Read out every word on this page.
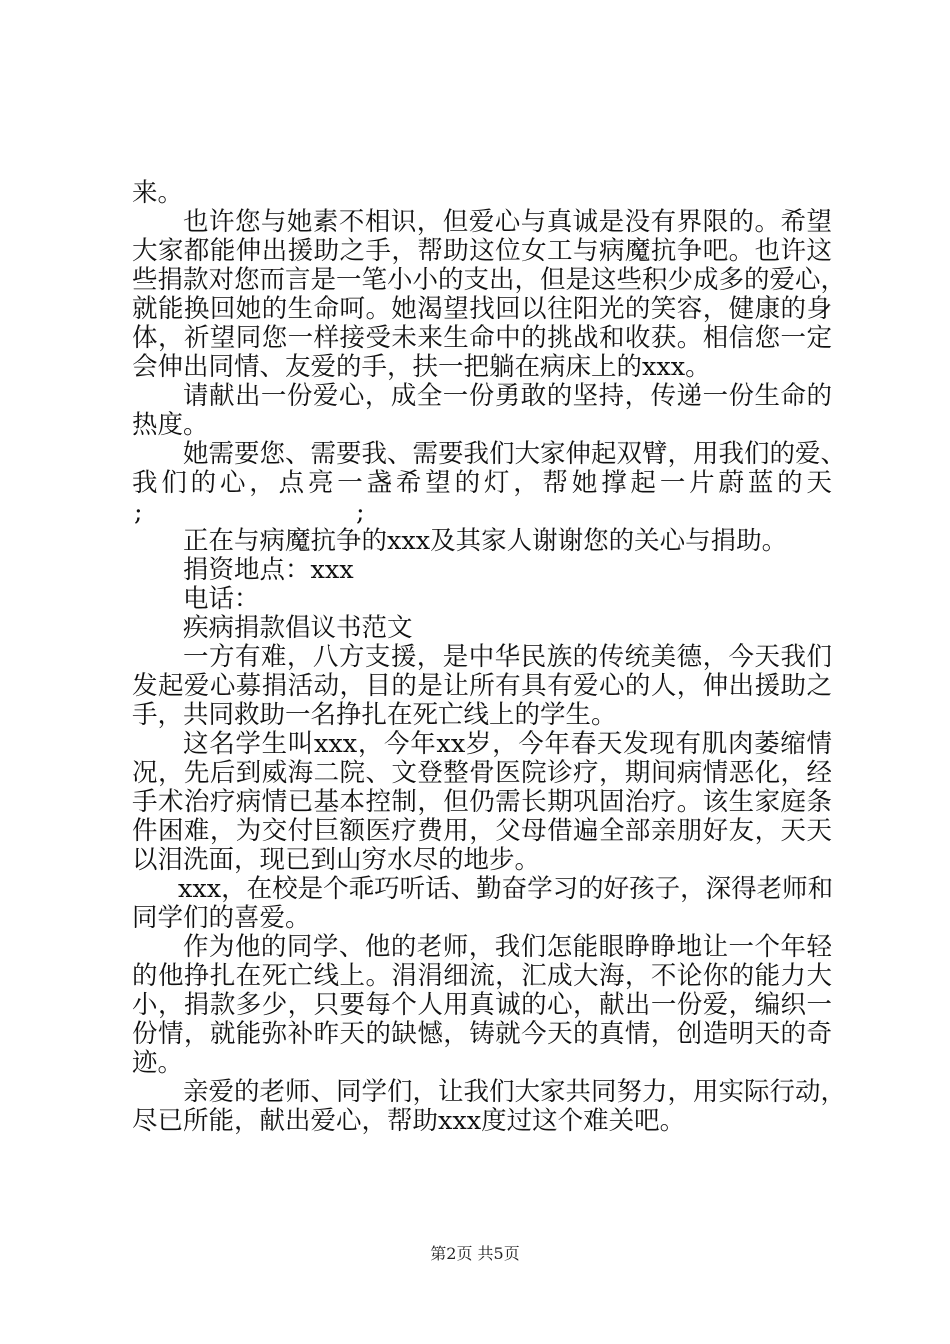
来。
也许您与她素不相识，但爱心与真诚是没有界限的。希望
大家都能伸出援助之手，帮助这位女工与病魔抗争吧。也许这
些捐款对您而言是一笔小小的支出，但是这些积少成多的爱心，
就能换回她的生命呵。她渴望找回以往阳光的笑容，健康的身
体，祈望同您一样接受未来生命中的挑战和收获。相信您一定
会伸出同情、友爱的手，扶一把躺在病床上的xxx。
请献出一份爱心，成全一份勇敢的坚持，传递一份生命的
热度。
她需要您、需要我、需要我们大家伸起双臂，用我们的爱、
我们的心，点亮一盏希望的灯，帮她撑起一片蔚蓝的天
;	;
正在与病魔抗争的xxx及其家人谢谢您的关心与捐助。
捐资地点：xxx
电话：
疾病捐款倡议书范文
一方有难，八方支援，是中华民族的传统美德，今天我们
发起爱心募捐活动，目的是让所有具有爱心的人，伸出援助之
手，共同救助一名挣扎在死亡线上的学生。
这名学生叫xxx，今年xx岁，今年春天发现有肌肉萎缩情
况，先后到威海二院、文登整骨医院诊疗，期间病情恶化，经
手术治疗病情已基本控制，但仍需长期巩固治疗。该生家庭条
件困难，为交付巨额医疗费用，父母借遍全部亲朋好友，天天
以泪洗面，现已到山穷水尽的地步。
xxx，在校是个乖巧听话、勤奋学习的好孩子，深得老师和
同学们的喜爱。
作为他的同学、他的老师，我们怎能眼睁睁地让一个年轻
的他挣扎在死亡线上。涓涓细流，汇成大海，不论你的能力大
小，捐款多少，只要每个人用真诚的心，献出一份爱，编织一
份情，就能弥补昨天的缺憾，铸就今天的真情，创造明天的奇
迹。
亲爱的老师、同学们，让我们大家共同努力，用实际行动，
尽已所能，献出爱心，帮助xxx度过这个难关吧。
第2页 共5页
